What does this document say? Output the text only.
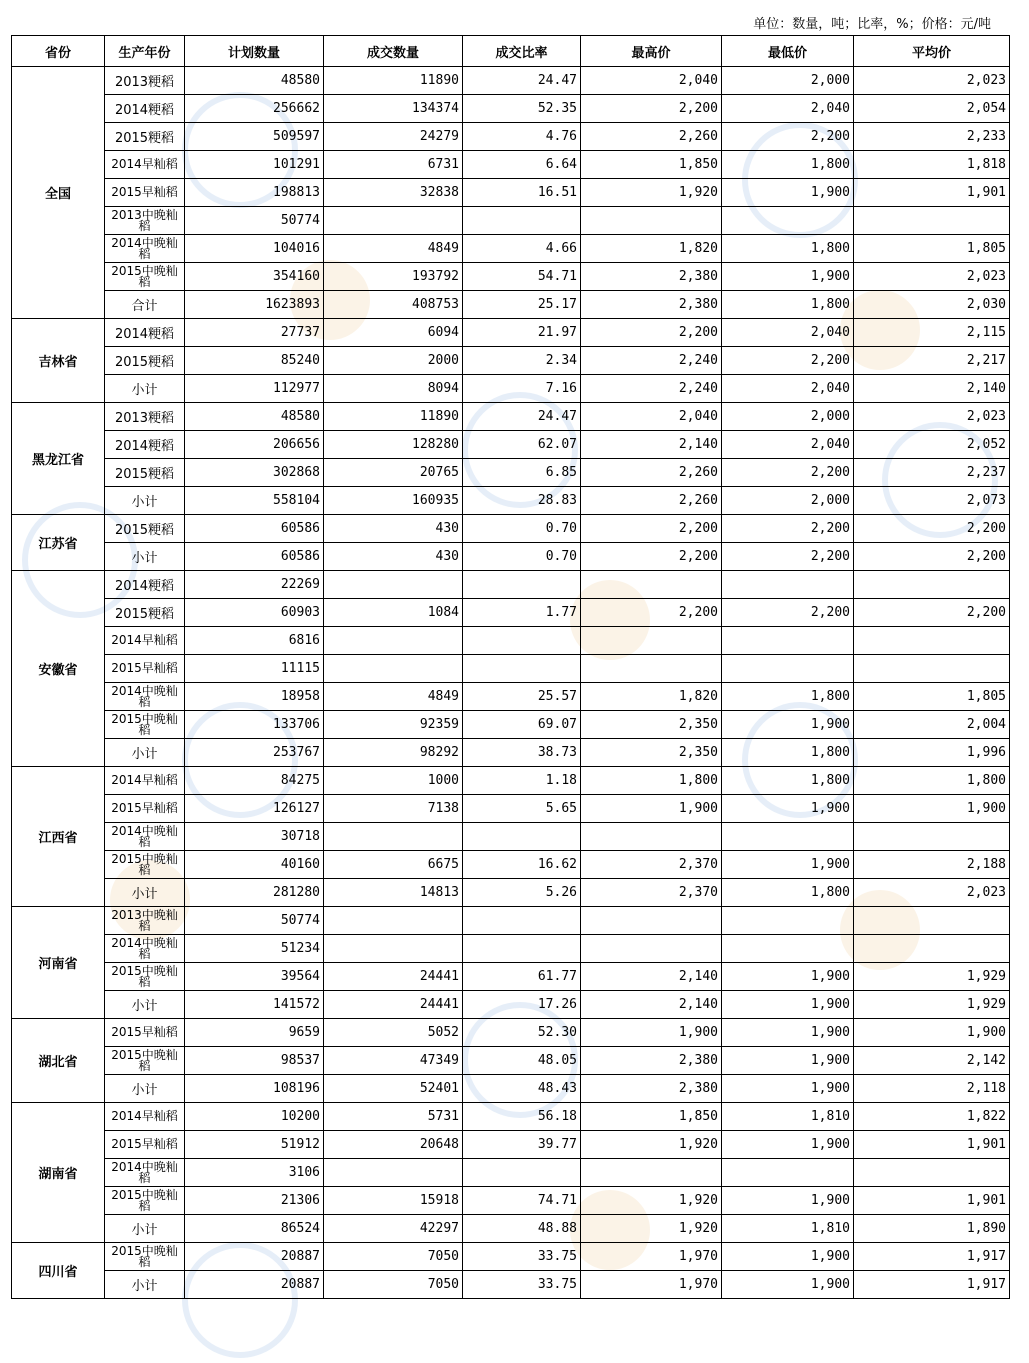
单位：数量，吨；比率，%；价格：元/吨
省份	生产年份	计划数量	成交数量	成交比率	最高价	最低价	平均价
全国	2013粳稻	48580	11890	24.47	2,040	2,000	2,023
	2014粳稻	256662	134374	52.35	2,200	2,040	2,054
	2015粳稻	509597	24279	4.76	2,260	2,200	2,233

	2014早籼稻	101291	6731	6.64	1,850	1,800	1,818

	2015早籼稻	198813	32838	16.51	1,920	1,900	1,901

	2013中晚籼稻	50774					

	2014中晚籼稻	104016	4849	4.66	1,820	1,800	1,805

	2015中晚籼稻	354160	193792	54.71	2,380	1,900	2,023
	合计	1623893	408753	25.17	2,380	1,800	2,030
吉林省	2014粳稻	27737	6094	21.97	2,200	2,040	2,115
	2015粳稻	85240	2000	2.34	2,240	2,200	2,217
	小计	112977	8094	7.16	2,240	2,040	2,140
黑龙江省	2013粳稻	48580	11890	24.47	2,040	2,000	2,023
	2014粳稻	206656	128280	62.07	2,140	2,040	2,052
	2015粳稻	302868	20765	6.85	2,260	2,200	2,237
	小计	558104	160935	28.83	2,260	2,000	2,073
江苏省	2015粳稻	60586	430	0.70	2,200	2,200	2,200
	小计	60586	430	0.70	2,200	2,200	2,200
安徽省	2014粳稻	22269					
	2015粳稻	60903	1084	1.77	2,200	2,200	2,200

	2014早籼稻	6816					

	2015早籼稻	11115					

	2014中晚籼稻	18958	4849	25.57	1,820	1,800	1,805

	2015中晚籼稻	133706	92359	69.07	2,350	1,900	2,004
	小计	253767	98292	38.73	2,350	1,800	1,996
江西省	2014早籼稻	84275	1000	1.18	1,800	1,800	1,800

	2015早籼稻	126127	7138	5.65	1,900	1,900	1,900

	2014中晚籼稻	30718					

	2015中晚籼稻	40160	6675	16.62	2,370	1,900	2,188
	小计	281280	14813	5.26	2,370	1,800	2,023
河南省	2013中晚籼稻	50774					

	2014中晚籼稻	51234					

	2015中晚籼稻	39564	24441	61.77	2,140	1,900	1,929
	小计	141572	24441	17.26	2,140	1,900	1,929
湖北省	2015早籼稻	9659	5052	52.30	1,900	1,900	1,900

	2015中晚籼稻	98537	47349	48.05	2,380	1,900	2,142
	小计	108196	52401	48.43	2,380	1,900	2,118
湖南省	2014早籼稻	10200	5731	56.18	1,850	1,810	1,822

	2015早籼稻	51912	20648	39.77	1,920	1,900	1,901

	2014中晚籼稻	3106					

	2015中晚籼稻	21306	15918	74.71	1,920	1,900	1,901
	小计	86524	42297	48.88	1,920	1,810	1,890
四川省	2015中晚籼稻	20887	7050	33.75	1,970	1,900	1,917
	小计	20887	7050	33.75	1,970	1,900	1,917
